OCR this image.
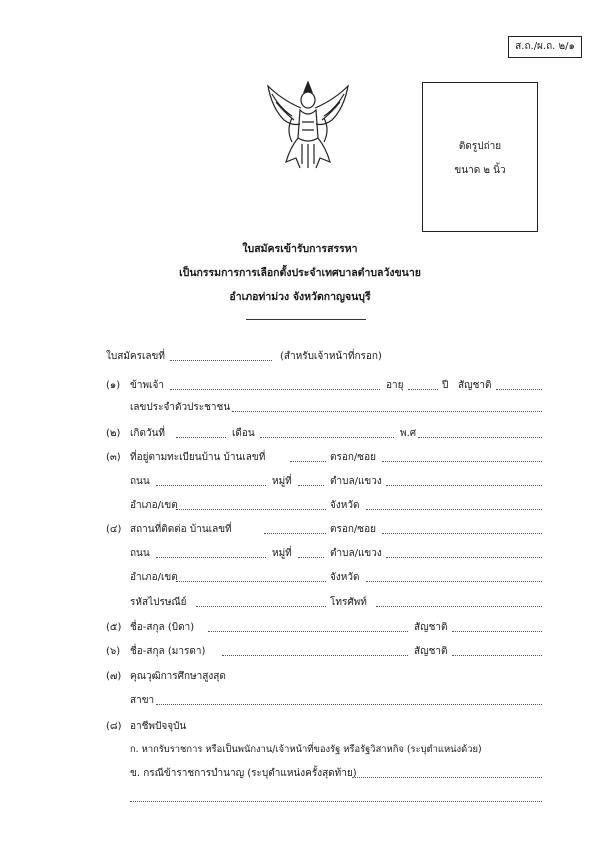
ส.ถ./ผ.ถ. ๒/๑
ติดรูปถ่าย
ขนาด ๒ นิ้ว
ใบสมัครเข้ารับการสรรหา
เป็นกรรมการการเลือกตั้งประจำเทศบาลตำบลวังขนาย
อำเภอท่าม่วง จังหวัดกาญจนบุรี
ใบสมัครเลขที่	(สำหรับเจ้าหน้าที่กรอก)
(๑) ข้าพเจ้า	อายุ	ปี สัญชาติ
เลขประจำตัวประชาชน
(๒) เกิดวันที่	เดือน	พ.ศ
(๓) ที่อยู่ตามทะเบียนบ้าน บ้านเลขที่	ตรอก/ซอย
ถนน	หมู่ที่	ตำบล/แขวง
อำเภอ/เขต	จังหวัด
(๔) สถานที่ติดต่อ บ้านเลขที่	ตรอก/ซอย
ถนน	หมู่ที่	ตำบล/แขวง
อำเภอ/เขต	จังหวัด
รหัสไปรษณีย์	โทรศัพท์
(๕) ชื่อ-สกุล (บิดา)	สัญชาติ
(๖) ชื่อ-สกุล (มารดา)	สัญชาติ
(๗) คุณวุฒิการศึกษาสูงสุด
สาขา
(๘) อาชีพปัจจุบัน
ก. หากรับราชการ หรือเป็นพนักงาน/เจ้าหน้าที่ของรัฐ หรือรัฐวิสาหกิจ (ระบุตำแหน่งด้วย)
ข. กรณีข้าราชการบำนาญ (ระบุตำแหน่งครั้งสุดท้าย)
